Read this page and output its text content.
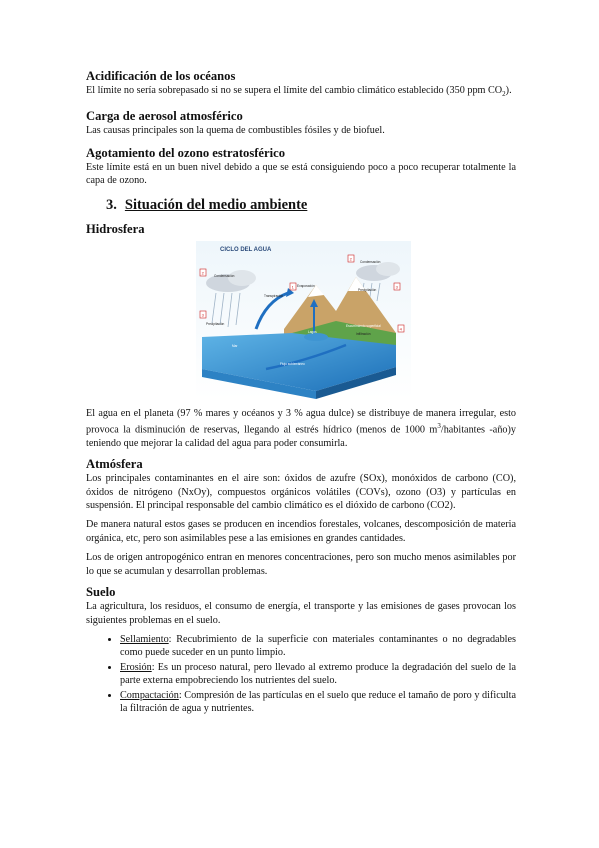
Acidificación de los océanos

El límite no sería sobrepasado si no se supera el límite del cambio climático establecido (350 ppm $CO_2$).

Carga de aerosol atmosférico

Las causas principales son la quema de combustibles fósiles y de biofuel.

Agotamiento del ozono estratosférico

Este límite está en un buen nivel debido a que se está consiguiendo poco a poco recuperar totalmente la capa de ozono.

3. Situación del medio ambiente
Hidrosfera
CICLO DEL AGUA
Condensación
Condensación
Precipitación
Evaporación
Transpiración
Precipitación
Lagos
Escurrimiento superficial
Infiltración
Mar
Flujo subterráneo
2
1
2
3
3
4

El agua en el planeta (97 % mares y océanos y 3 % agua dulce) se distribuye de manera irregular, esto provoca la disminución de reservas, llegando al estrés hídrico (menos de 1000 $m^3$/habitantes -año)y teniendo que mejorar la calidad del agua para poder consumirla.

Atmósfera

Los principales contaminantes en el aire son: óxidos de azufre (SOx), monóxidos de carbono (CO), óxidos de nitrógeno (NxOy), compuestos orgánicos volátiles (COVs), ozono (O3) y partículas en suspensión. El principal responsable del cambio climático es el dióxido de carbono (CO2).

De manera natural estos gases se producen en incendios forestales, volcanes, descomposición de materia orgánica, etc, pero son asimilables pese a las emisiones en grandes cantidades.

Los de origen antropogénico entran en menores concentraciones, pero son mucho menos asimilables por lo que se acumulan y desarrollan problemas.

Suelo

La agricultura, los residuos, el consumo de energía, el transporte y las emisiones de gases provocan los siguientes problemas en el suelo.

• Sellamiento: Recubrimiento de la superficie con materiales contaminantes o no degradables como puede suceder en un punto limpio.
• Erosión: Es un proceso natural, pero llevado al extremo produce la degradación del suelo de la parte externa empobreciendo los nutrientes del suelo.
• Compactación: Compresión de las partículas en el suelo que reduce el tamaño de poro y dificulta la filtración de agua y nutrientes.
